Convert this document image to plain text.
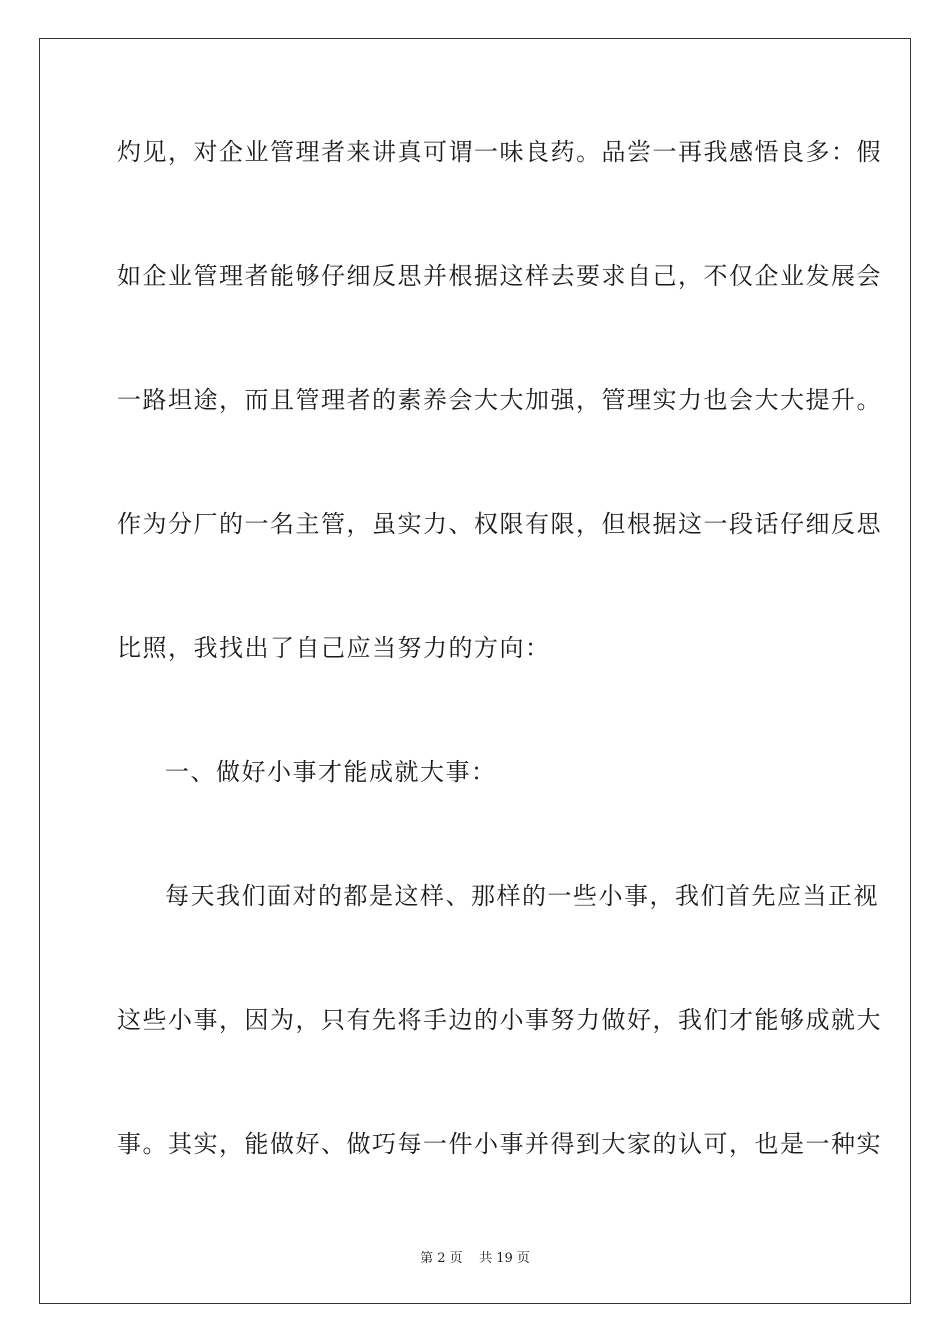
灼见，对企业管理者来讲真可谓一味良药。品尝一再我感悟良多：假
如企业管理者能够仔细反思并根据这样去要求自己，不仅企业发展会
一路坦途，而且管理者的素养会大大加强，管理实力也会大大提升。
作为分厂的一名主管，虽实力、权限有限，但根据这一段话仔细反思
比照，我找出了自己应当努力的方向：
一、做好小事才能成就大事：
每天我们面对的都是这样、那样的一些小事，我们首先应当正视
这些小事，因为，只有先将手边的小事努力做好，我们才能够成就大
事。其实，能做好、做巧每一件小事并得到大家的认可，也是一种实
第 2 页    共 19 页
